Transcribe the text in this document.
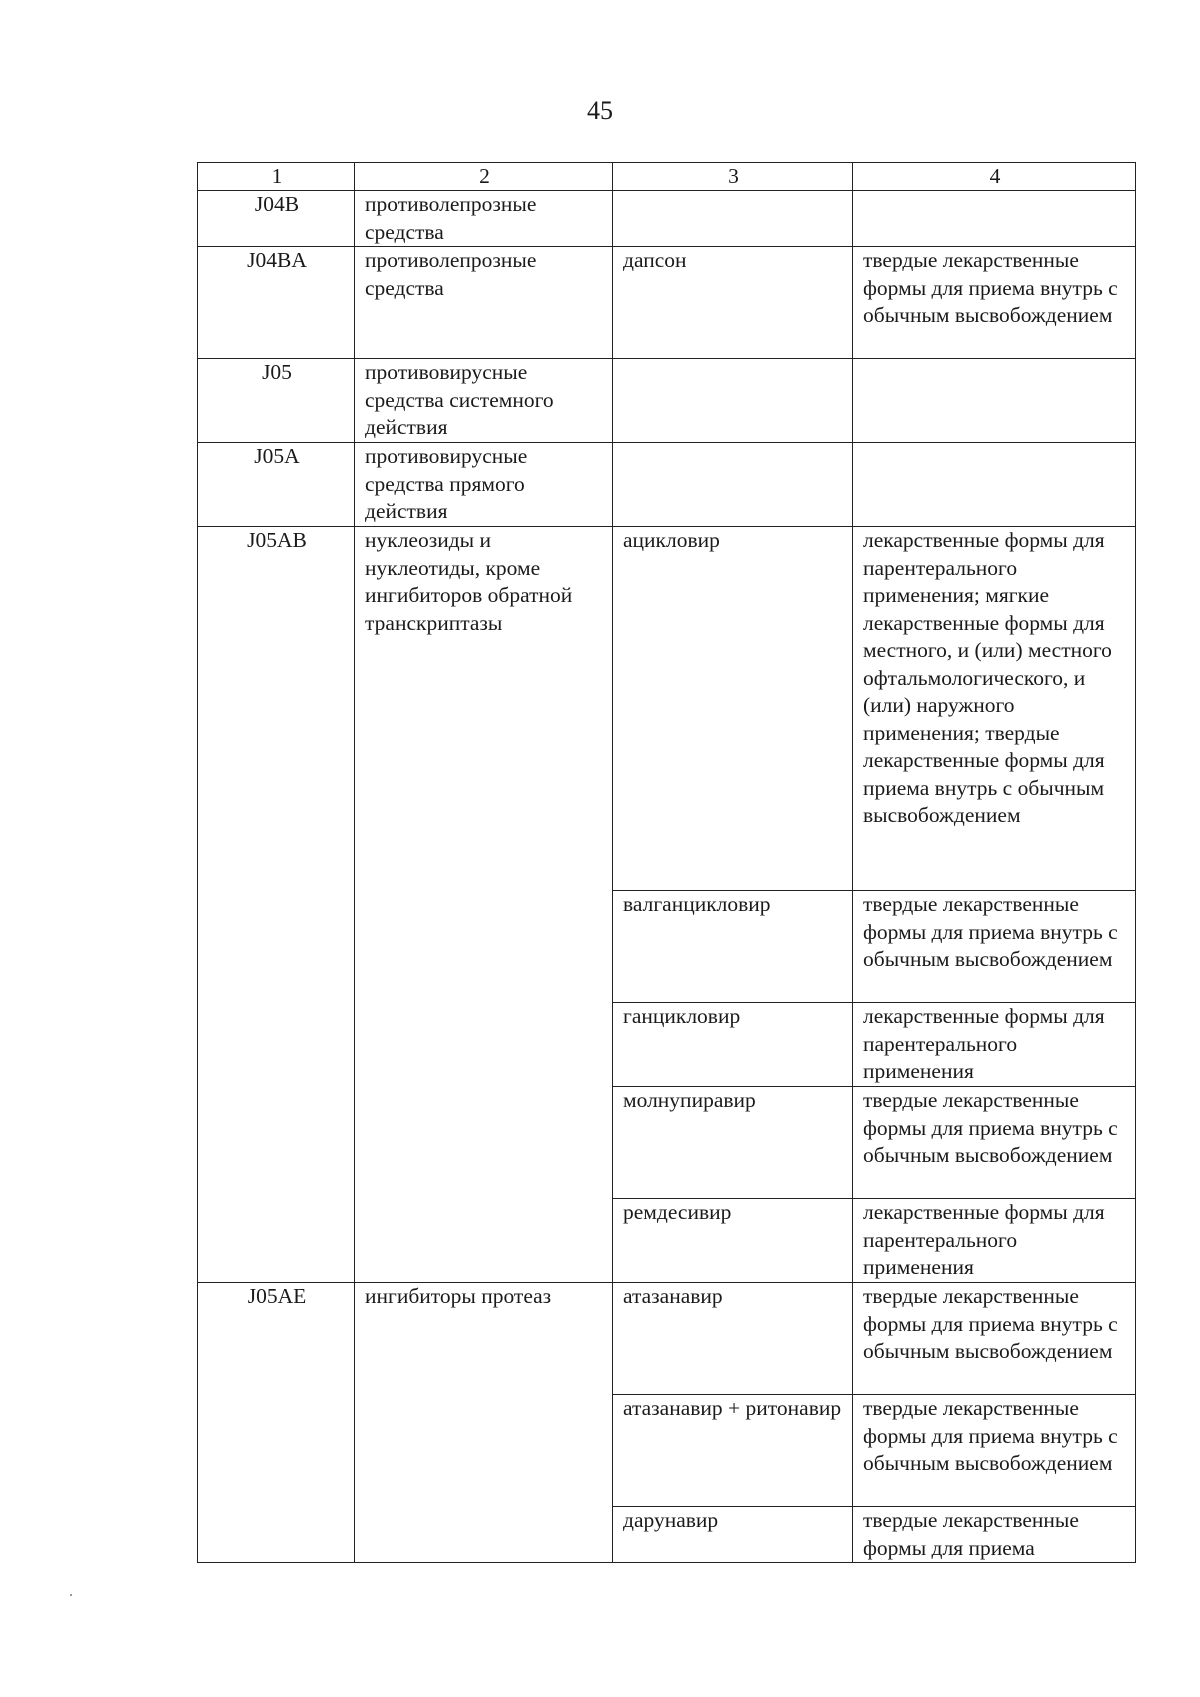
45
1	2	3	4
J04B	противолепрозные средства		
J04BA	противолепрозные средства	дапсон	твердые лекарственные формы для приема внутрь с обычным высвобождением
J05	противовирусные средства системного действия		
J05A	противовирусные средства прямого действия		
J05AB	нуклеозиды и нуклеотиды, кроме ингибиторов обратной транскриптазы	ацикловир	лекарственные формы для парентерального применения; мягкие лекарственные формы для местного, и (или) местного офтальмологического, и (или) наружного применения; твердые лекарственные формы для приема внутрь с обычным высвобождением
		валганцикловир	твердые лекарственные формы для приема внутрь с обычным высвобождением
		ганцикловир	лекарственные формы для парентерального применения
		молнупиравир	твердые лекарственные формы для приема внутрь с обычным высвобождением
		ремдесивир	лекарственные формы для парентерального применения
J05AE	ингибиторы протеаз	атазанавир	твердые лекарственные формы для приема внутрь с обычным высвобождением
		атазанавир + ритонавир	твердые лекарственные формы для приема внутрь с обычным высвобождением
		дарунавир	твердые лекарственные формы для приема
